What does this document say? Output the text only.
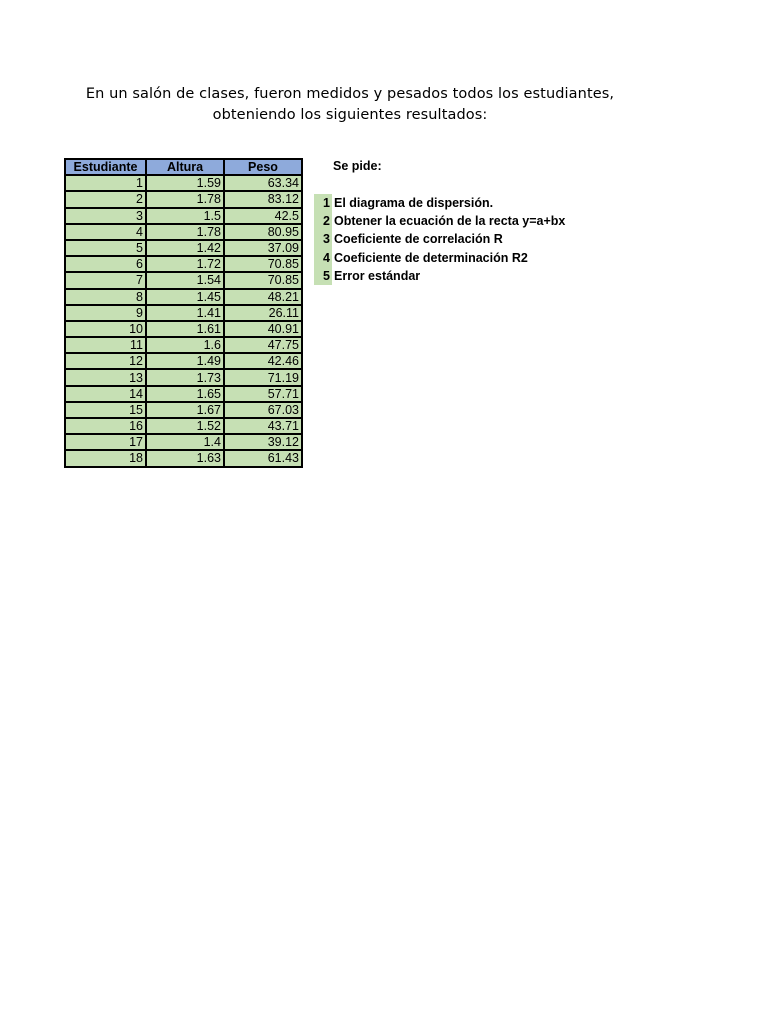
En un salón de clases, fueron medidos y pesados todos los estudiantes,
obteniendo los siguientes resultados:
Estudiante	Altura	Peso
1	1.59	63.34
2	1.78	83.12
3	1.5	42.5
4	1.78	80.95
5	1.42	37.09
6	1.72	70.85
7	1.54	70.85
8	1.45	48.21
9	1.41	26.11
10	1.61	40.91
11	1.6	47.75
12	1.49	42.46
13	1.73	71.19
14	1.65	57.71
15	1.67	67.03
16	1.52	43.71
17	1.4	39.12
18	1.63	61.43
Se pide:
1 El diagrama de dispersión.
2 Obtener la ecuación de la recta y=a+bx
3 Coeficiente de correlación R
4 Coeficiente de determinación R2
5 Error estándar
